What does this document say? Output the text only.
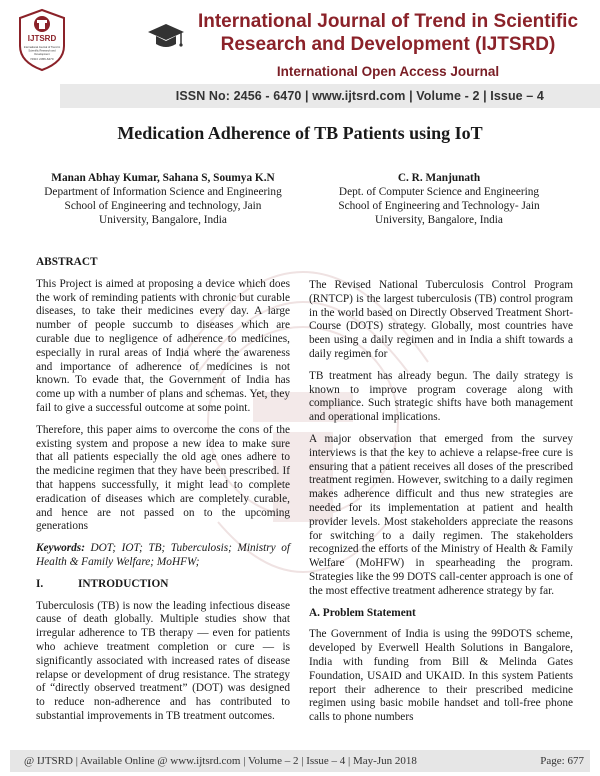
IJTSRD
International Journal of Trend in
Scientific Research and
Development
ISSN: 2456-6470
International Journal of Trend in Scientific
Research and Development (IJTSRD)
International Open Access Journal
ISSN No: 2456 - 6470 | www.ijtsrd.com | Volume - 2 | Issue – 4
Medication Adherence of TB Patients using IoT
Manan Abhay Kumar, Sahana S, Soumya K.N
Department of Information Science and Engineering
School of Engineering and technology, Jain
University, Bangalore, India
C. R. Manjunath
Dept. of Computer Science and Engineering
School of Engineering and Technology- Jain
University, Bangalore, India

ABSTRACT

This Project is aimed at proposing a device which does the work of reminding patients with chronic but curable diseases, to take their medicines every day. A large number of people succumb to diseases which are curable due to negligence of adherence to medicines, especially in rural areas of India where the awareness and importance of adherence of medicines is not known. To evade that, the Government of India has come up with a number of plans and schemas. Yet, they fail to give a successful outcome at some point.

Therefore, this paper aims to overcome the cons of the existing system and propose a new idea to make sure that all patients especially the old age ones adhere to the medicine regimen that they have been prescribed. If that happens successfully, it might lead to complete eradication of diseases which are completely curable, and hence are not passed on to the upcoming generations

Keywords: DOT; IOT; TB; Tuberculosis; Ministry of Health & Family Welfare; MoHFW;

I.	INTRODUCTION

Tuberculosis (TB) is now the leading infectious disease cause of death globally. Multiple studies show that irregular adherence to TB therapy — even for patients who achieve treatment completion or cure — is significantly associated with increased rates of disease relapse or development of drug resistance. The strategy of “directly observed treatment” (DOT) was designed to reduce non-adherence and has contributed to substantial improvements in TB treatment outcomes.

The Revised National Tuberculosis Control Program (RNTCP) is the largest tuberculosis (TB) control program in the world based on Directly Observed Treatment Short-Course (DOTS) strategy. Globally, most countries have been using a daily regimen and in India a shift towards a daily regimen for

TB treatment has already begun. The daily strategy is known to improve program coverage along with compliance. Such strategic shifts have both management and operational implications.

A major observation that emerged from the survey interviews is that the key to achieve a relapse-free cure is ensuring that a patient receives all doses of the prescribed treatment regimen. However, switching to a daily regimen makes adherence difficult and thus new strategies are needed for its implementation at patient and health provider levels. Most stakeholders appreciate the reasons for switching to a daily regimen. The stakeholders recognized the efforts of the Ministry of Health & Family Welfare (MoHFW) in spearheading the program. Strategies like the 99 DOTS call-center approach is one of the most effective treatment adherence strategy by far.

A. Problem Statement

The Government of India is using the 99DOTS scheme, developed by Everwell Health Solutions in Bangalore, India with funding from Bill & Melinda Gates Foundation, USAID and UKAID. In this system Patients report their adherence to their prescribed medicine regimen using basic mobile handset and toll-free phone calls to phone numbers

@ IJTSRD | Available Online @ www.ijtsrd.com | Volume – 2 | Issue – 4 | May-Jun 2018	Page: 677
